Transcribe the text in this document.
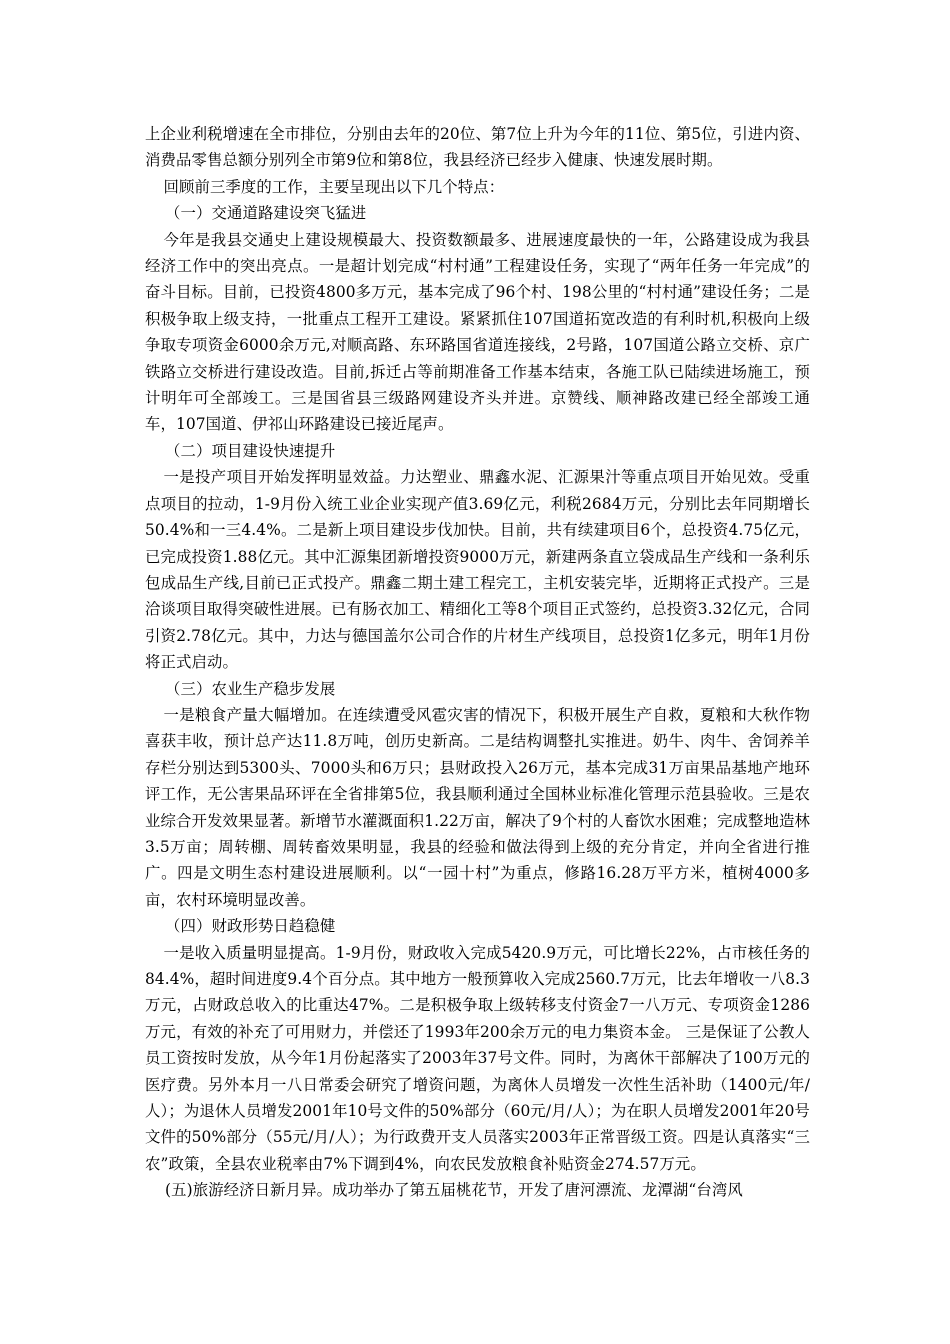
上企业利税增速在全市排位，分别由去年的20位、第7位上升为今年的11位、第5位，引进内资、消费品零售总额分别列全市第9位和第8位，我县经济已经步入健康、快速发展时期。

回顾前三季度的工作，主要呈现出以下几个特点：

（一）交通道路建设突飞猛进

今年是我县交通史上建设规模最大、投资数额最多、进展速度最快的一年，公路建设成为我县经济工作中的突出亮点。一是超计划完成“村村通”工程建设任务，实现了“两年任务一年完成”的奋斗目标。目前，已投资4800多万元，基本完成了96个村、198公里的“村村通”建设任务；二是积极争取上级支持，一批重点工程开工建设。紧紧抓住107国道拓宽改造的有利时机,积极向上级争取专项资金6000余万元,对顺高路、东环路国省道连接线，2号路，107国道公路立交桥、京广铁路立交桥进行建设改造。目前,拆迁占等前期准备工作基本结束，各施工队已陆续进场施工，预计明年可全部竣工。三是国省县三级路网建设齐头并进。京赞线、顺神路改建已经全部竣工通车，107国道、伊祁山环路建设已接近尾声。

（二）项目建设快速提升

一是投产项目开始发挥明显效益。力达塑业、鼎鑫水泥、汇源果汁等重点项目开始见效。受重点项目的拉动，1-9月份入统工业企业实现产值3.69亿元，利税2684万元，分别比去年同期增长50.4%和一三4.4%。二是新上项目建设步伐加快。目前，共有续建项目6个，总投资4.75亿元，已完成投资1.88亿元。其中汇源集团新增投资9000万元，新建两条直立袋成品生产线和一条利乐包成品生产线,目前已正式投产。鼎鑫二期土建工程完工，主机安装完毕，近期将正式投产。三是洽谈项目取得突破性进展。已有肠衣加工、精细化工等8个项目正式签约，总投资3.32亿元，合同引资2.78亿元。其中，力达与德国盖尔公司合作的片材生产线项目，总投资1亿多元，明年1月份将正式启动。

（三）农业生产稳步发展

一是粮食产量大幅增加。在连续遭受风雹灾害的情况下，积极开展生产自救，夏粮和大秋作物喜获丰收，预计总产达11.8万吨，创历史新高。二是结构调整扎实推进。奶牛、肉牛、舍饲养羊存栏分别达到5300头、7000头和6万只；县财政投入26万元，基本完成31万亩果品基地产地环评工作，无公害果品环评在全省排第5位，我县顺利通过全国林业标准化管理示范县验收。三是农业综合开发效果显著。新增节水灌溉面积1.22万亩，解决了9个村的人畜饮水困难；完成整地造林3.5万亩；周转棚、周转畜效果明显，我县的经验和做法得到上级的充分肯定，并向全省进行推广。四是文明生态村建设进展顺利。以“一园十村”为重点，修路16.28万平方米，植树4000多亩，农村环境明显改善。

（四）财政形势日趋稳健

一是收入质量明显提高。1-9月份，财政收入完成5420.9万元，可比增长22%，占市核任务的84.4%，超时间进度9.4个百分点。其中地方一般预算收入完成2560.7万元，比去年增收一八8.3万元，占财政总收入的比重达47%。二是积极争取上级转移支付资金7一八万元、专项资金1286万元，有效的补充了可用财力，并偿还了1993年200余万元的电力集资本金。 三是保证了公教人员工资按时发放，从今年1月份起落实了2003年37号文件。同时，为离休干部解决了100万元的医疗费。另外本月一八日常委会研究了增资问题，为离休人员增发一次性生活补助（1400元/年/人）；为退休人员增发2001年10号文件的50%部分（60元/月/人）；为在职人员增发2001年20号文件的50%部分（55元/月/人）；为行政费开支人员落实2003年正常晋级工资。四是认真落实“三农”政策，全县农业税率由7%下调到4%，向农民发放粮食补贴资金274.57万元。

(五)旅游经济日新月异。成功举办了第五届桃花节，开发了唐河漂流、龙潭湖“台湾风
